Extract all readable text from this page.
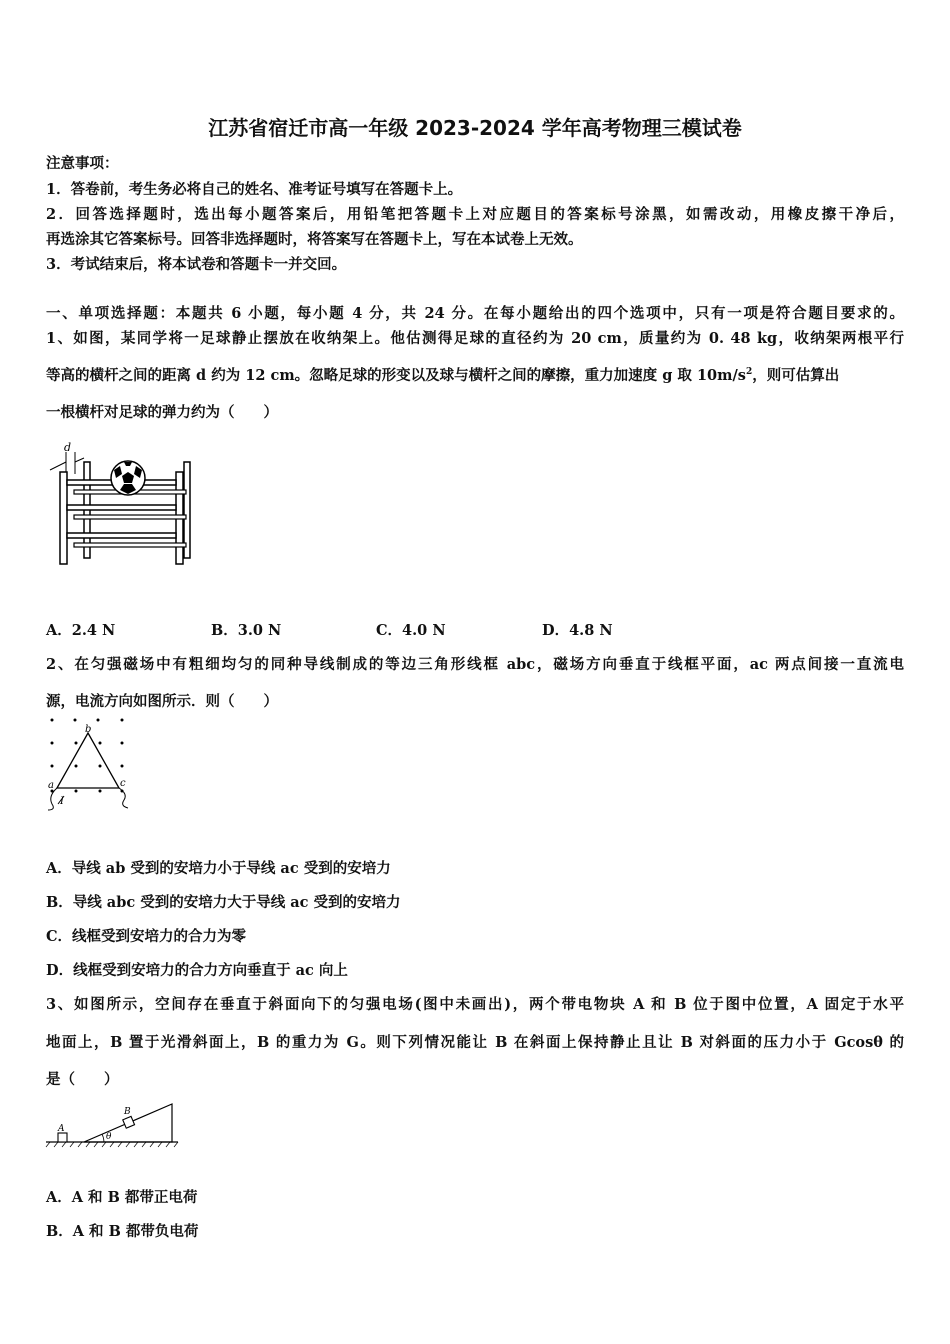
江苏省宿迁市高一年级 2023-2024 学年高考物理三模试卷
注意事项：
1．答卷前，考生务必将自己的姓名、准考证号填写在答题卡上。
2．回答选择题时，选出每小题答案后，用铅笔把答题卡上对应题目的答案标号涂黑，如需改动，用橡皮擦干净后，
再选涂其它答案标号。回答非选择题时，将答案写在答题卡上，写在本试卷上无效。
3．考试结束后，将本试卷和答题卡一并交回。
一、单项选择题：本题共 6 小题，每小题 4 分，共 24 分。在每小题给出的四个选项中，只有一项是符合题目要求的。
1、如图，某同学将一足球静止摆放在收纳架上。他估测得足球的直径约为 20 cm，质量约为 0. 48 kg，收纳架两根平行
等高的横杆之间的距离 d 约为 12 cm。忽略足球的形变以及球与横杆之间的摩擦，重力加速度 g 取 $10m/s^2$，则可估算出
一根横杆对足球的弹力约为（　　）
d
A．2.4 N	B．3.0 N	C．4.0 N	D．4.8 N
2、在匀强磁场中有粗细均匀的同种导线制成的等边三角形线框 abc，磁场方向垂直于线框平面，ac 两点间接一直流电
源，电流方向如图所示．则（　　）
b
a	c
I
A．导线 ab 受到的安培力小于导线 ac 受到的安培力
B．导线 abc 受到的安培力大于导线 ac 受到的安培力
C．线框受到安培力的合力为零
D．线框受到安培力的合力方向垂直于 ac 向上
3、如图所示，空间存在垂直于斜面向下的匀强电场(图中未画出)，两个带电物块 A 和 B 位于图中位置，A 固定于水平
地面上，B 置于光滑斜面上，B 的重力为 G。则下列情况能让 B 在斜面上保持静止且让 B 对斜面的压力小于 Gcosθ 的
是（　　）
θ
A
B
A．A 和 B 都带正电荷
B．A 和 B 都带负电荷
